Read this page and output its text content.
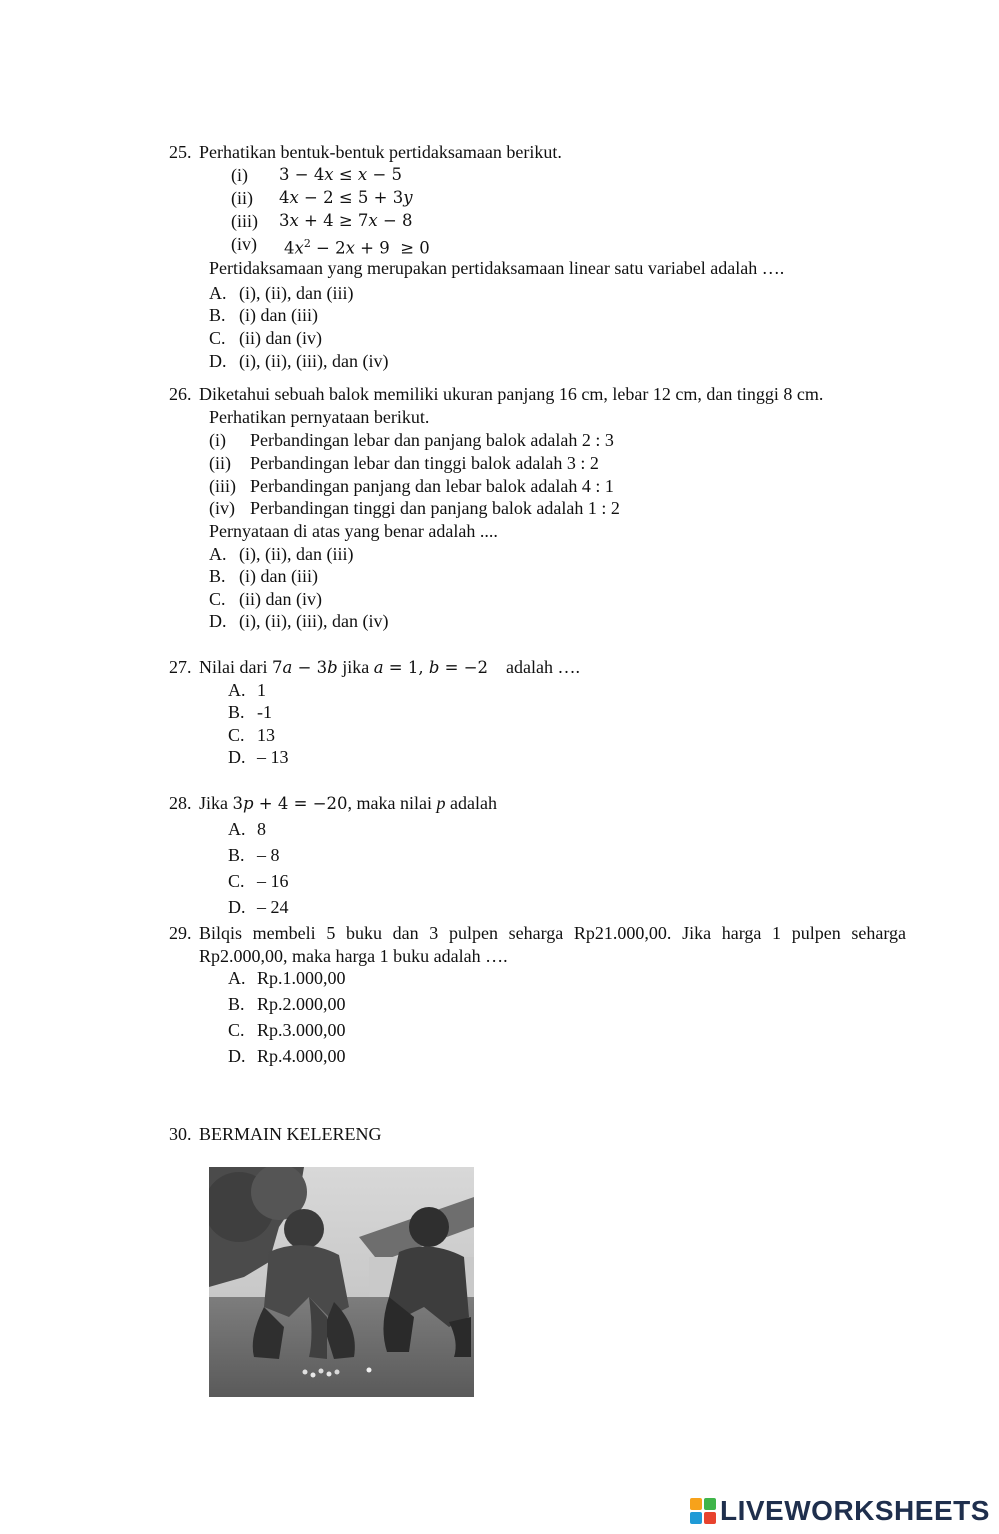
25. Perhatikan bentuk-bentuk pertidaksamaan berikut.
(i) 3 − 4𝑥 ≤ 𝑥 − 5
(ii) 4𝑥 − 2 ≤ 5 + 3𝑦
(iii) 3𝑥 + 4 ≥ 7𝑥 − 8
(iv) 4𝑥$^2$ − 2𝑥 + 9  ≥ 0
Pertidaksamaan yang merupakan pertidaksamaan linear satu variabel adalah ….
A. (i), (ii), dan (iii)
B. (i) dan (iii)
C. (ii) dan (iv)
D. (i), (ii), (iii), dan (iv)
26. Diketahui sebuah balok memiliki ukuran panjang 16 cm, lebar 12 cm, dan tinggi 8 cm.
Perhatikan pernyataan berikut.
(i) Perbandingan lebar dan panjang balok adalah 2 : 3
(ii) Perbandingan lebar dan tinggi balok adalah 3 : 2
(iii) Perbandingan panjang dan lebar balok adalah 4 : 1
(iv) Perbandingan tinggi dan panjang balok adalah 1 : 2
Pernyataan di atas yang benar adalah ....
A. (i), (ii), dan (iii)
B. (i) dan (iii)
C. (ii) dan (iv)
D. (i), (ii), (iii), dan (iv)
27. Nilai dari 7𝑎 − 3𝑏 jika 𝑎 = 1, 𝑏 = −2 adalah ….
A. 1
B. -1
C. 13
D. – 13
28. Jika 3𝑝 + 4 = −20, maka nilai p adalah
A. 8
B. – 8
C. – 16
D. – 24
29. Bilqis membeli 5 buku dan 3 pulpen seharga Rp21.000,00. Jika harga 1 pulpen seharga
Rp2.000,00, maka harga 1 buku adalah ….
A. Rp.1.000,00
B. Rp.2.000,00
C. Rp.3.000,00
D. Rp.4.000,00
30. BERMAIN KELERENG
LIVEWORKSHEETS
